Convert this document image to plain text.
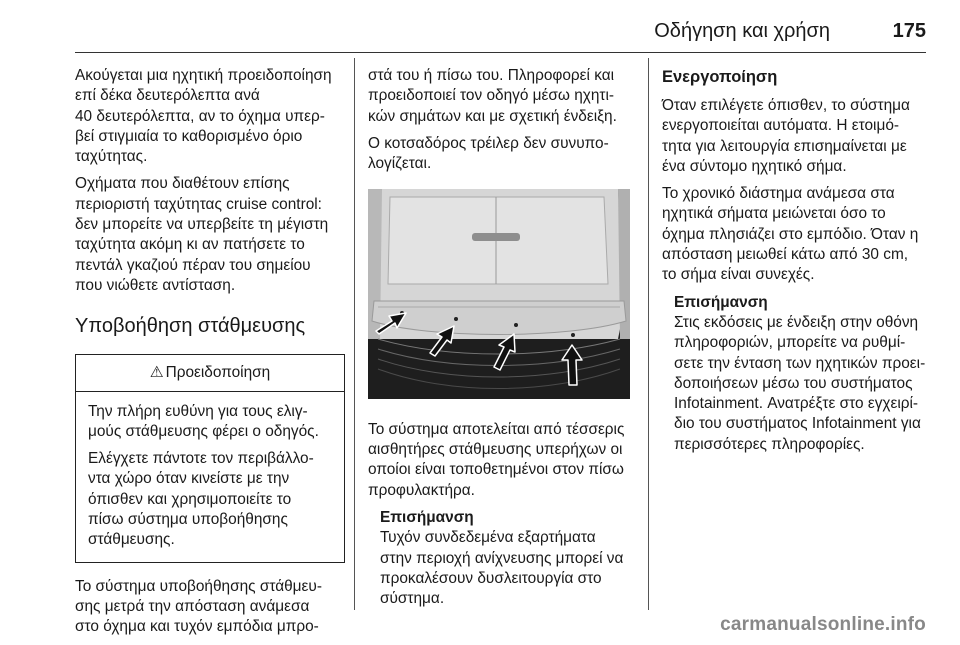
Οδήγηση και χρήση	175

Ακούγεται μια ηχητική προειδοποίηση
επί δέκα δευτερόλεπτα ανά
40 δευτερόλεπτα, αν το όχημα υπερ‐
βεί στιγμιαία το καθορισμένο όριο
ταχύτητας.

Οχήματα που διαθέτουν επίσης
περιοριστή ταχύτητας cruise control:
δεν μπορείτε να υπερβείτε τη μέγιστη
ταχύτητα ακόμη κι αν πατήσετε το
πεντάλ γκαζιού πέραν του σημείου
που νιώθετε αντίσταση.

Υποβοήθηση στάθμευσης
⚠ Προειδοποίηση

Την πλήρη ευθύνη για τους ελιγ‐
μούς στάθμευσης φέρει ο οδηγός.

Ελέγχετε πάντοτε τον περιβάλλο‐
ντα χώρο όταν κινείστε με την
όπισθεν και χρησιμοποιείτε το
πίσω σύστημα υποβοήθησης
στάθμευσης.

Το σύστημα υποβοήθησης στάθμευ‐
σης μετρά την απόσταση ανάμεσα
στο όχημα και τυχόν εμπόδια μπρο‐

στά του ή πίσω του. Πληροφορεί και
προειδοποιεί τον οδηγό μέσω ηχητι‐
κών σημάτων και με σχετική ένδειξη.

Ο κοτσαδόρος τρέιλερ δεν συνυπο‐
λογίζεται.

Το σύστημα αποτελείται από τέσσερις
αισθητήρες στάθμευσης υπερήχων οι
οποίοι είναι τοποθετημένοι στον πίσω
προφυλακτήρα.

Επισήμανση
Τυχόν συνδεδεμένα εξαρτήματα
στην περιοχή ανίχνευσης μπορεί να
προκαλέσουν δυσλειτουργία στο
σύστημα.
Ενεργοποίηση

Όταν επιλέγετε όπισθεν, το σύστημα
ενεργοποιείται αυτόματα. Η ετοιμό‐
τητα για λειτουργία επισημαίνεται με
ένα σύντομο ηχητικό σήμα.

Το χρονικό διάστημα ανάμεσα στα
ηχητικά σήματα μειώνεται όσο το
όχημα πλησιάζει στο εμπόδιο. Όταν η
απόσταση μειωθεί κάτω από 30 cm,
το σήμα είναι συνεχές.

Επισήμανση
Στις εκδόσεις με ένδειξη στην οθόνη
πληροφοριών, μπορείτε να ρυθμί‐
σετε την ένταση των ηχητικών προει‐
δοποιήσεων μέσω του συστήματος
Infotainment. Ανατρέξτε στο εγχειρί‐
διο του συστήματος Infotainment για
περισσότερες πληροφορίες.
carmanualsonline.info
